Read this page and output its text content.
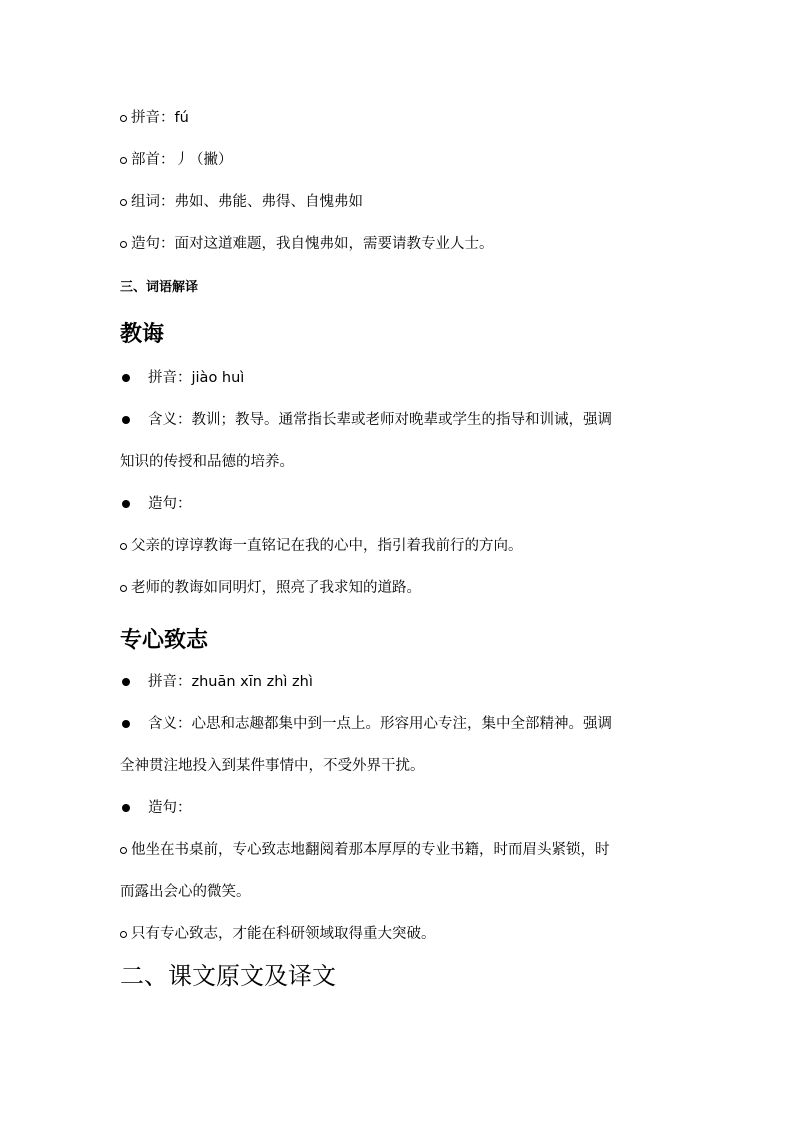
拼音：fú

部首：丿（撇）

组词：弗如、弗能、弗得、自愧弗如

造句：面对这道难题，我自愧弗如，需要请教专业人士。

三、词语解译

教诲

拼音：jiào huì

含义：教训；教导。通常指长辈或老师对晚辈或学生的指导和训诫，强调

知识的传授和品德的培养。

造句：

父亲的谆谆教诲一直铭记在我的心中，指引着我前行的方向。

老师的教诲如同明灯，照亮了我求知的道路。

专心致志

拼音：zhuān xīn zhì zhì

含义：心思和志趣都集中到一点上。形容用心专注，集中全部精神。强调

全神贯注地投入到某件事情中，不受外界干扰。

造句：

他坐在书桌前，专心致志地翻阅着那本厚厚的专业书籍，时而眉头紧锁，时

而露出会心的微笑。

只有专心致志，才能在科研领域取得重大突破。

二、课文原文及译文
